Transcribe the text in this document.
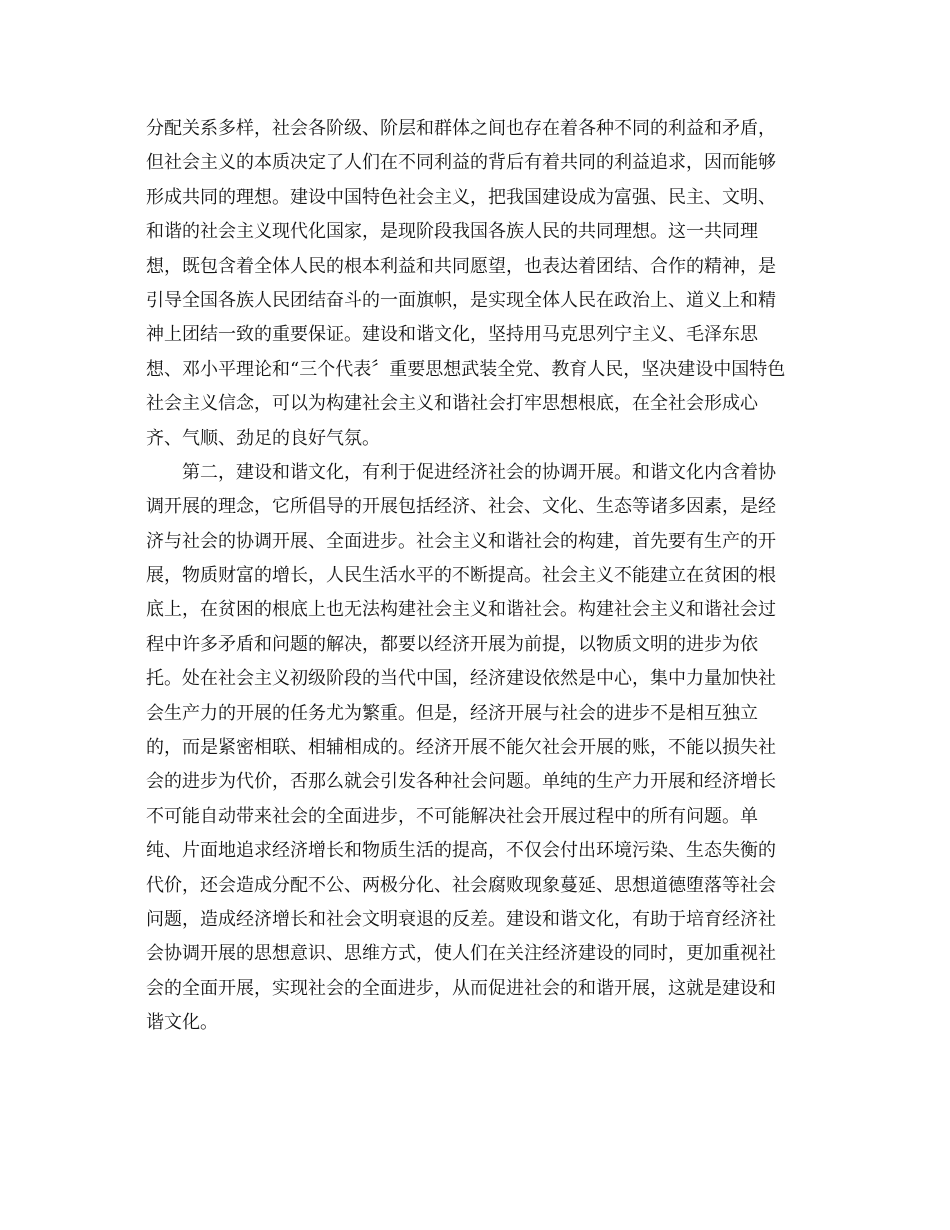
分配关系多样，社会各阶级、阶层和群体之间也存在着各种不同的利益和矛盾，
但社会主义的本质决定了人们在不同利益的背后有着共同的利益追求，因而能够
形成共同的理想。建设中国特色社会主义，把我国建设成为富强、民主、文明、
和谐的社会主义现代化国家，是现阶段我国各族人民的共同理想。这一共同理
想，既包含着全体人民的根本利益和共同愿望，也表达着团结、合作的精神，是
引导全国各族人民团结奋斗的一面旗帜，是实现全体人民在政治上、道义上和精
神上团结一致的重要保证。建设和谐文化，坚持用马克思列宁主义、毛泽东思
想、邓小平理论和“三个代表〞重要思想武装全党、教育人民，坚决建设中国特色
社会主义信念，可以为构建社会主义和谐社会打牢思想根底，在全社会形成心
齐、气顺、劲足的良好气氛。
第二，建设和谐文化，有利于促进经济社会的协调开展。和谐文化内含着协
调开展的理念，它所倡导的开展包括经济、社会、文化、生态等诸多因素，是经
济与社会的协调开展、全面进步。社会主义和谐社会的构建，首先要有生产的开
展，物质财富的增长，人民生活水平的不断提高。社会主义不能建立在贫困的根
底上，在贫困的根底上也无法构建社会主义和谐社会。构建社会主义和谐社会过
程中许多矛盾和问题的解决，都要以经济开展为前提，以物质文明的进步为依
托。处在社会主义初级阶段的当代中国，经济建设依然是中心，集中力量加快社
会生产力的开展的任务尤为繁重。但是，经济开展与社会的进步不是相互独立
的，而是紧密相联、相辅相成的。经济开展不能欠社会开展的账，不能以损失社
会的进步为代价，否那么就会引发各种社会问题。单纯的生产力开展和经济增长
不可能自动带来社会的全面进步，不可能解决社会开展过程中的所有问题。单
纯、片面地追求经济增长和物质生活的提高，不仅会付出环境污染、生态失衡的
代价，还会造成分配不公、两极分化、社会腐败现象蔓延、思想道德堕落等社会
问题，造成经济增长和社会文明衰退的反差。建设和谐文化，有助于培育经济社
会协调开展的思想意识、思维方式，使人们在关注经济建设的同时，更加重视社
会的全面开展，实现社会的全面进步，从而促进社会的和谐开展，这就是建设和
谐文化。
